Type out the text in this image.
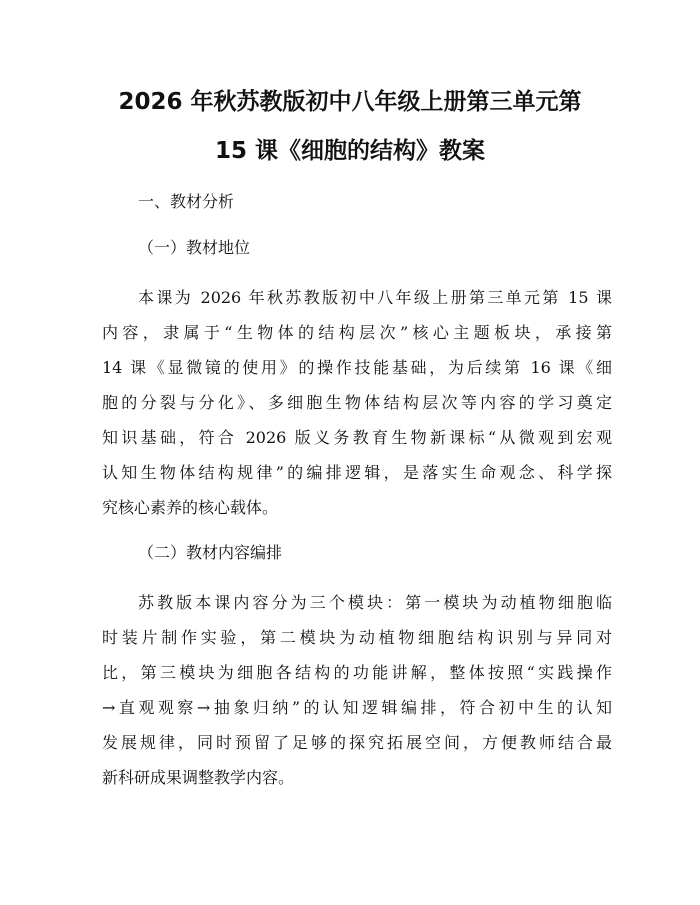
2026 年秋苏教版初中八年级上册第三单元第
15 课《细胞的结构》教案

一、教材分析

（一）教材地位

本课为 2026 年秋苏教版初中八年级上册第三单元第 15 课
内容，隶属于“生物体的结构层次”核心主题板块，承接第
14 课《显微镜的使用》的操作技能基础，为后续第 16 课《细
胞的分裂与分化》、多细胞生物体结构层次等内容的学习奠定
知识基础，符合 2026 版义务教育生物新课标“从微观到宏观
认知生物体结构规律”的编排逻辑，是落实生命观念、科学探
究核心素养的核心载体。

（二）教材内容编排

苏教版本课内容分为三个模块：第一模块为动植物细胞临
时装片制作实验，第二模块为动植物细胞结构识别与异同对
比，第三模块为细胞各结构的功能讲解，整体按照“实践操作
→直观观察→抽象归纳”的认知逻辑编排，符合初中生的认知
发展规律，同时预留了足够的探究拓展空间，方便教师结合最
新科研成果调整教学内容。
